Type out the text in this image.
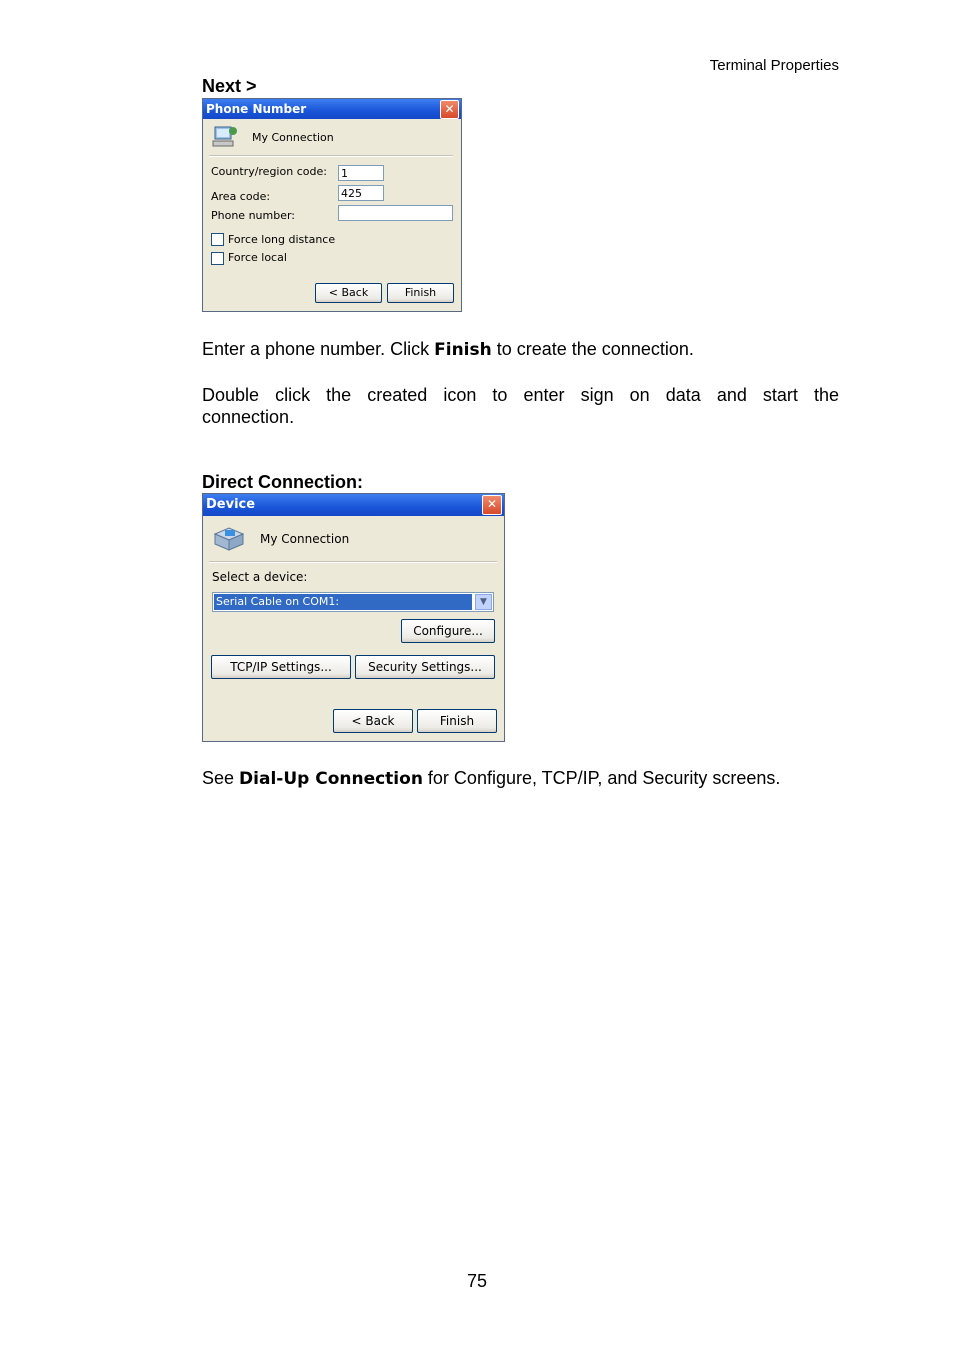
Terminal Properties
Next >
Phone Number	✕
My Connection
Country/region code: 1
Area code:	425
Phone number:
Force long distance
Force local
< Back	Finish
Enter a phone number. Click Finish to create the connection.
Double click the created icon to enter sign on data and start the
connection.
Direct Connection:
Device	✕
My Connection
Select a device:
Serial Cable on COM1:	▼
Configure...
TCP/IP Settings...	Security Settings...
< Back	Finish
See Dial-Up Connection for Configure, TCP/IP, and Security screens.
75
